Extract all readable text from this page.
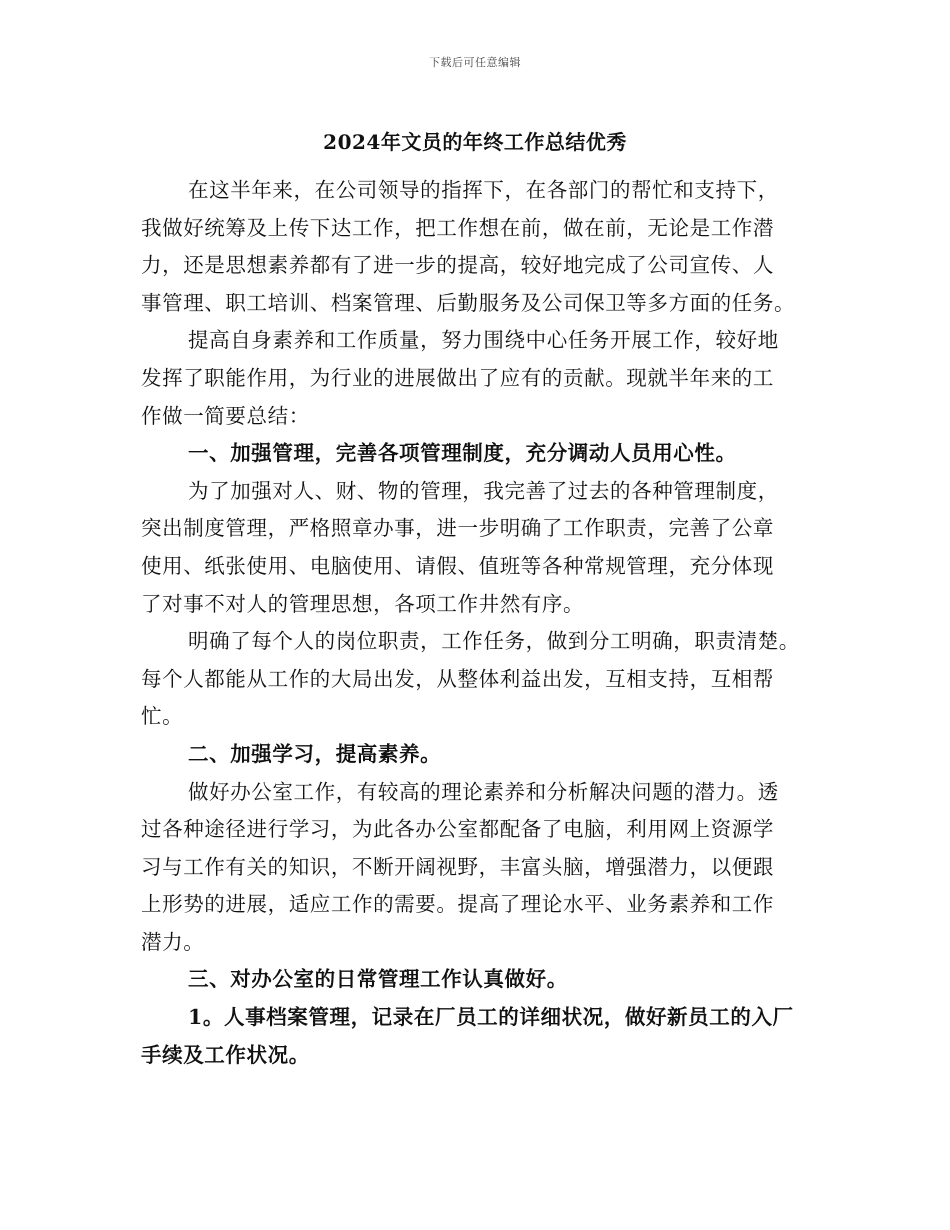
下载后可任意编辑
2024年文员的年终工作总结优秀
在这半年来，在公司领导的指挥下，在各部门的帮忙和支持下，
我做好统筹及上传下达工作，把工作想在前，做在前，无论是工作潜
力，还是思想素养都有了进一步的提高，较好地完成了公司宣传、人
事管理、职工培训、档案管理、后勤服务及公司保卫等多方面的任务。
提高自身素养和工作质量，努力围绕中心任务开展工作，较好地
发挥了职能作用，为行业的进展做出了应有的贡献。现就半年来的工
作做一简要总结：
一、加强管理，完善各项管理制度，充分调动人员用心性。
为了加强对人、财、物的管理，我完善了过去的各种管理制度，
突出制度管理，严格照章办事，进一步明确了工作职责，完善了公章
使用、纸张使用、电脑使用、请假、值班等各种常规管理，充分体现
了对事不对人的管理思想，各项工作井然有序。
明确了每个人的岗位职责，工作任务，做到分工明确，职责清楚。
每个人都能从工作的大局出发，从整体利益出发，互相支持，互相帮
忙。
二、加强学习，提高素养。
做好办公室工作，有较高的理论素养和分析解决问题的潜力。透
过各种途径进行学习，为此各办公室都配备了电脑，利用网上资源学
习与工作有关的知识，不断开阔视野，丰富头脑，增强潜力，以便跟
上形势的进展，适应工作的需要。提高了理论水平、业务素养和工作
潜力。
三、对办公室的日常管理工作认真做好。
1。人事档案管理，记录在厂员工的详细状况，做好新员工的入厂
手续及工作状况。
